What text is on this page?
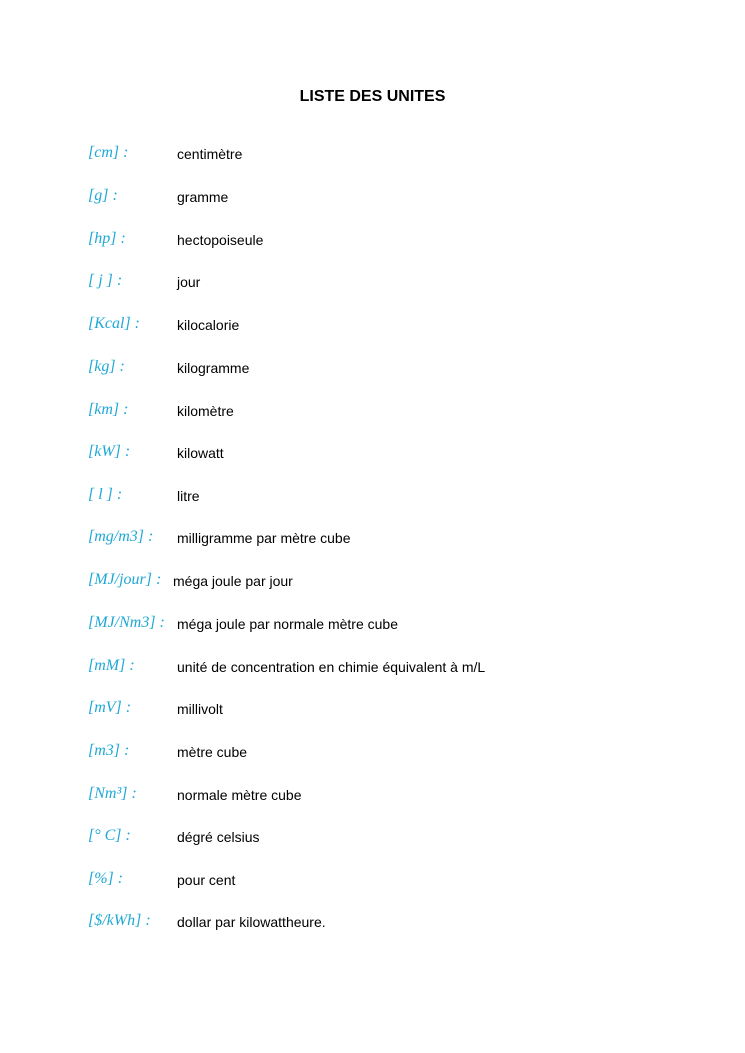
LISTE DES UNITES
[cm] :	centimètre
[g] :	gramme
[hp] :	hectopoiseule
[ j ] :	jour
[Kcal] :	kilocalorie
[kg] :	kilogramme
[km] :	kilomètre
[kW] :	kilowatt
[ l ] :	litre
[mg/m3] : milligramme par mètre cube
[MJ/jour] : méga joule par jour
[MJ/Nm3] : méga joule par normale mètre cube
[mM] :	unité de concentration en chimie équivalent à m/L
[mV] :	millivolt
[m3] :	mètre cube
[Nm³] :	normale mètre cube
[° C] :	dégré celsius
[%] :	pour cent
[$/kWh] : dollar par kilowattheure.
